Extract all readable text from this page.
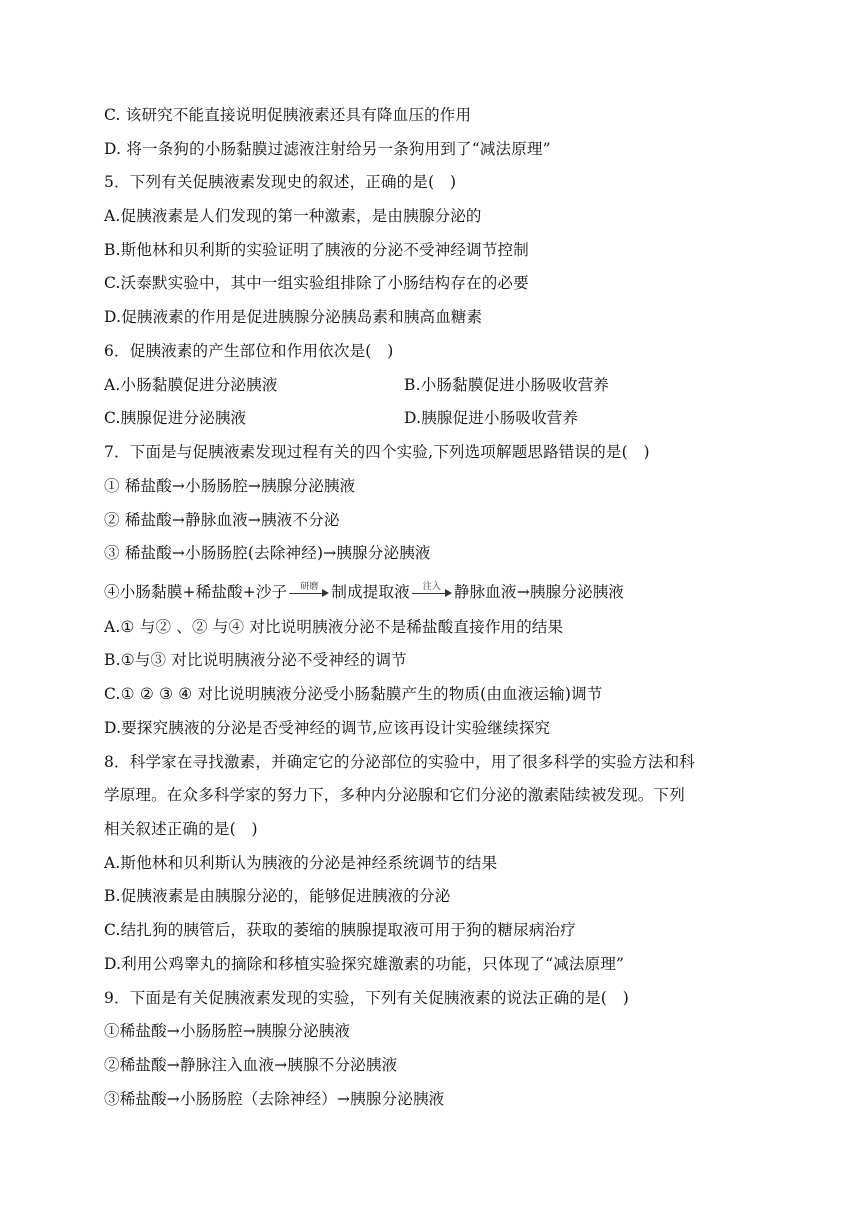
C. 该研究不能直接说明促胰液素还具有降血压的作用
D. 将一条狗的小肠黏膜过滤液注射给另一条狗用到了“减法原理”
5．下列有关促胰液素发现史的叙述，正确的是(　)
A.促胰液素是人们发现的第一种激素，是由胰腺分泌的
B.斯他林和贝利斯的实验证明了胰液的分泌不受神经调节控制
C.沃泰默实验中，其中一组实验组排除了小肠结构存在的必要
D.促胰液素的作用是促进胰腺分泌胰岛素和胰高血糖素
6．促胰液素的产生部位和作用依次是(　)
A.小肠黏膜促进分泌胰液	B.小肠黏膜促进小肠吸收营养
C.胰腺促进分泌胰液	D.胰腺促进小肠吸收营养
7．下面是与促胰液素发现过程有关的四个实验,下列选项解题思路错误的是(　)
① 稀盐酸→小肠肠腔→胰腺分泌胰液
② 稀盐酸→静脉血液→胰液不分泌
③ 稀盐酸→小肠肠腔(去除神经)→胰腺分泌胰液
④小肠黏膜+稀盐酸+沙子	研磨 制成提取液	注入 静脉血液→胰腺分泌胰液
A.① 与② 、② 与④ 对比说明胰液分泌不是稀盐酸直接作用的结果
B.①与③ 对比说明胰液分泌不受神经的调节
C.① ② ③ ④ 对比说明胰液分泌受小肠黏膜产生的物质(由血液运输)调节
D.要探究胰液的分泌是否受神经的调节,应该再设计实验继续探究
8．科学家在寻找激素，并确定它的分泌部位的实验中，用了很多科学的实验方法和科
学原理。在众多科学家的努力下，多种内分泌腺和它们分泌的激素陆续被发现。下列
相关叙述正确的是(　)
A.斯他林和贝利斯认为胰液的分泌是神经系统调节的结果
B.促胰液素是由胰腺分泌的，能够促进胰液的分泌
C.结扎狗的胰管后，获取的萎缩的胰腺提取液可用于狗的糖尿病治疗
D.利用公鸡睾丸的摘除和移植实验探究雄激素的功能，只体现了“减法原理”
9．下面是有关促胰液素发现的实验，下列有关促胰液素的说法正确的是(　)
①稀盐酸→小肠肠腔→胰腺分泌胰液
②稀盐酸→静脉注入血液→胰腺不分泌胰液
③稀盐酸→小肠肠腔（去除神经）→胰腺分泌胰液
